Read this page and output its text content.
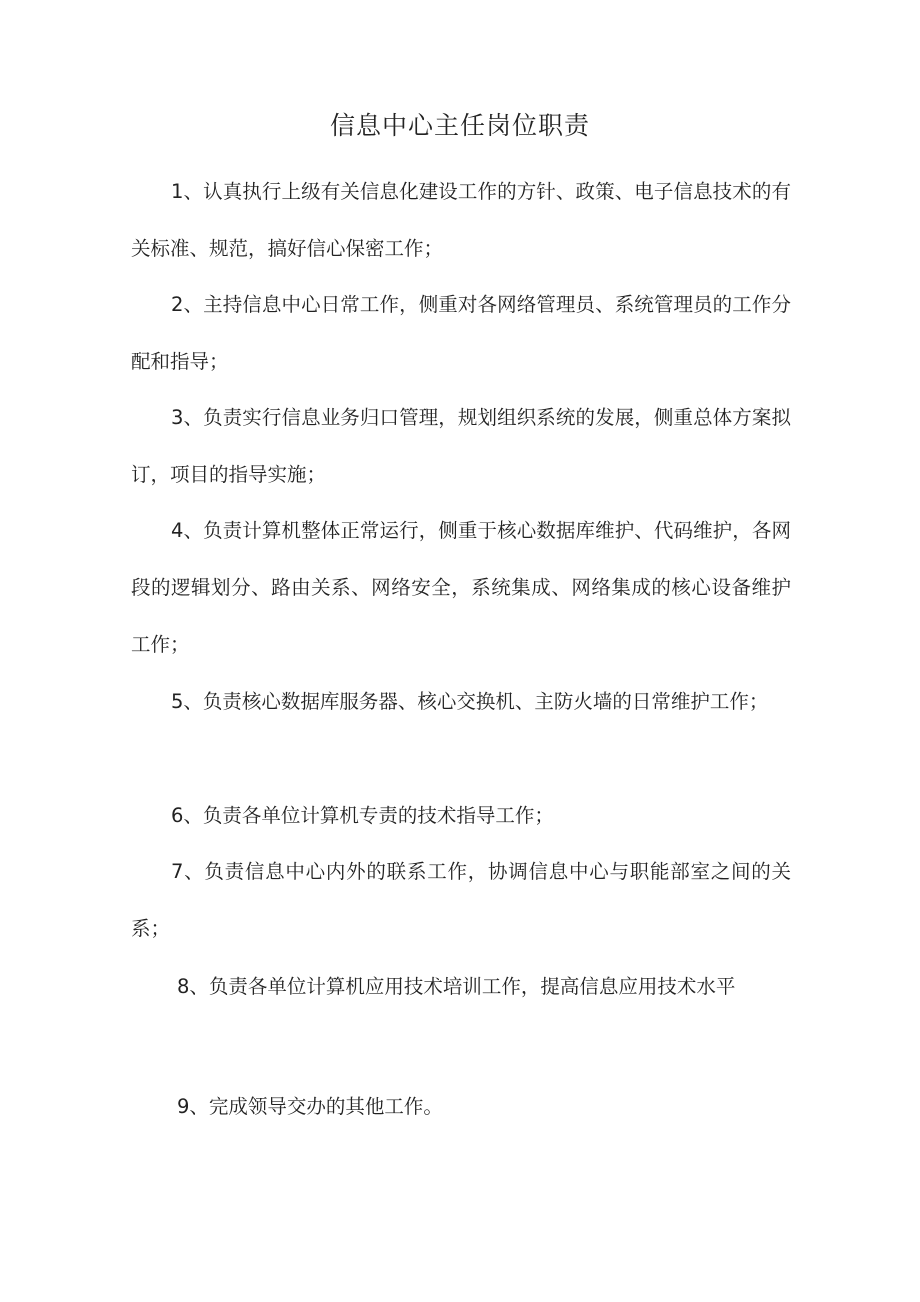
信息中心主任岗位职责

1、认真执行上级有关信息化建设工作的方针、政策、电子信息技术的有关标准、规范，搞好信心保密工作；

2、主持信息中心日常工作，侧重对各网络管理员、系统管理员的工作分配和指导；

3、负责实行信息业务归口管理，规划组织系统的发展，侧重总体方案拟订，项目的指导实施；

4、负责计算机整体正常运行，侧重于核心数据库维护、代码维护，各网段的逻辑划分、路由关系、网络安全，系统集成、网络集成的核心设备维护工作；

5、负责核心数据库服务器、核心交换机、主防火墙的日常维护工作；

6、负责各单位计算机专责的技术指导工作；

7、负责信息中心内外的联系工作，协调信息中心与职能部室之间的关系；

8、负责各单位计算机应用技术培训工作，提高信息应用技术水平

9、完成领导交办的其他工作。
